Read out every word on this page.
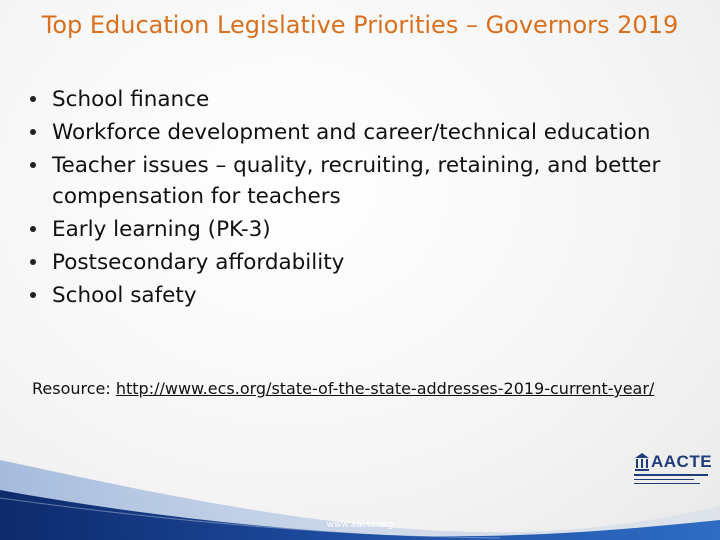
Top Education Legislative Priorities – Governors 2019
School finance
Workforce development and career/technical education
Teacher issues – quality, recruiting, retaining, and better compensation for teachers
Early learning (PK-3)
Postsecondary affordability
School safety
Resource: http://www.ecs.org/state-of-the-state-addresses-2019-current-year/
AACTE
www.aacte.org
